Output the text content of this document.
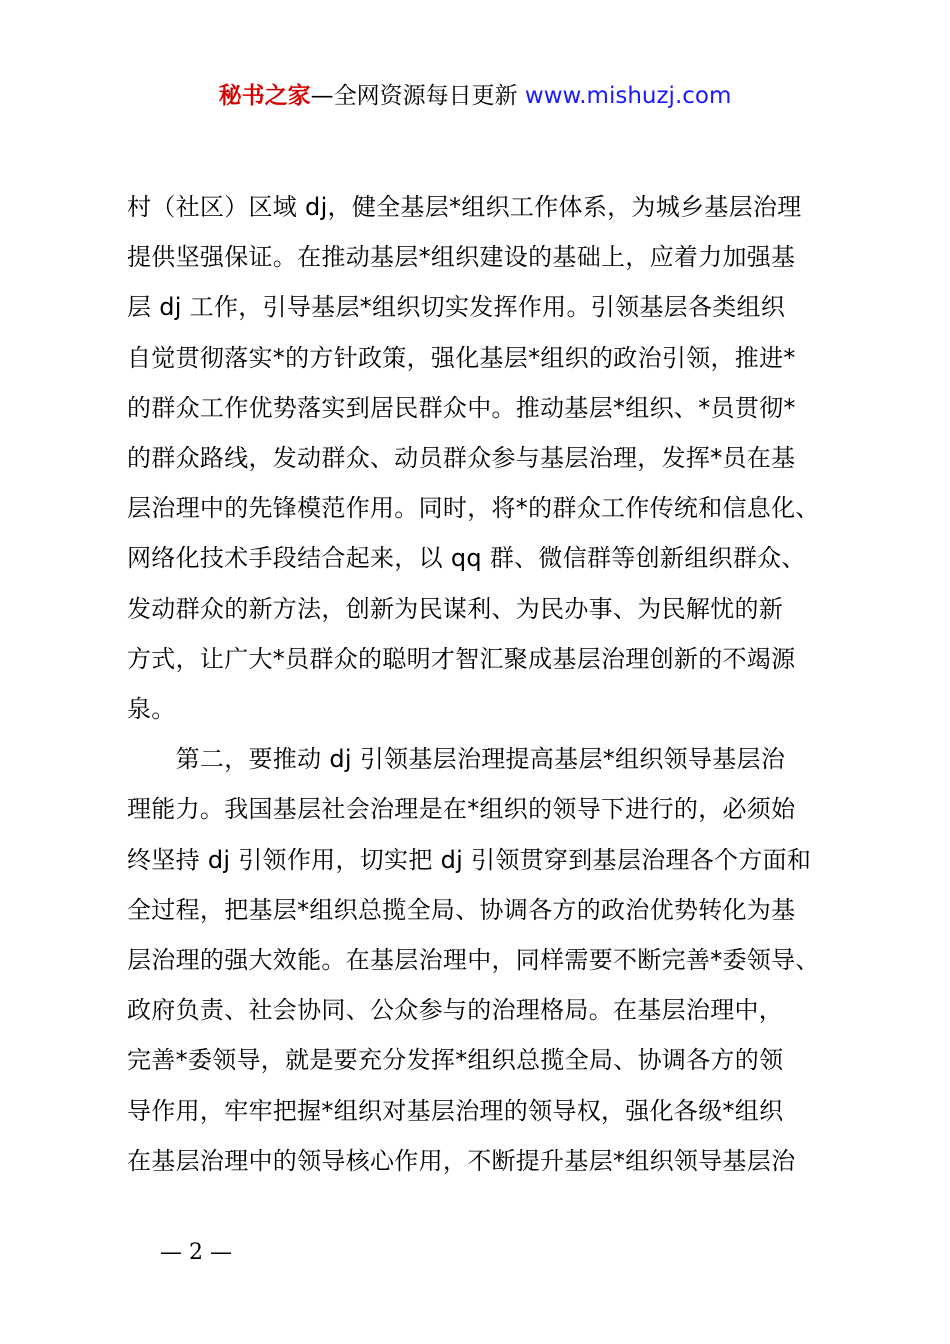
秘书之家—全网资源每日更新 www.mishuzj.com

村（社区）区域 dj，健全基层*组织工作体系，为城乡基层治理

提供坚强保证。在推动基层*组织建设的基础上，应着力加强基

层 dj 工作，引导基层*组织切实发挥作用。引领基层各类组织

自觉贯彻落实*的方针政策，强化基层*组织的政治引领，推进*

的群众工作优势落实到居民群众中。推动基层*组织、*员贯彻*

的群众路线，发动群众、动员群众参与基层治理，发挥*员在基

层治理中的先锋模范作用。同时，将*的群众工作传统和信息化、

网络化技术手段结合起来，以 qq 群、微信群等创新组织群众、

发动群众的新方法，创新为民谋利、为民办事、为民解忧的新

方式，让广大*员群众的聪明才智汇聚成基层治理创新的不竭源

泉。

　　第二，要推动 dj 引领基层治理提高基层*组织领导基层治

理能力。我国基层社会治理是在*组织的领导下进行的，必须始

终坚持 dj 引领作用，切实把 dj 引领贯穿到基层治理各个方面和

全过程，把基层*组织总揽全局、协调各方的政治优势转化为基

层治理的强大效能。在基层治理中，同样需要不断完善*委领导、

政府负责、社会协同、公众参与的治理格局。在基层治理中，

完善*委领导，就是要充分发挥*组织总揽全局、协调各方的领

导作用，牢牢把握*组织对基层治理的领导权，强化各级*组织

在基层治理中的领导核心作用，不断提升基层*组织领导基层治

— 2 —
